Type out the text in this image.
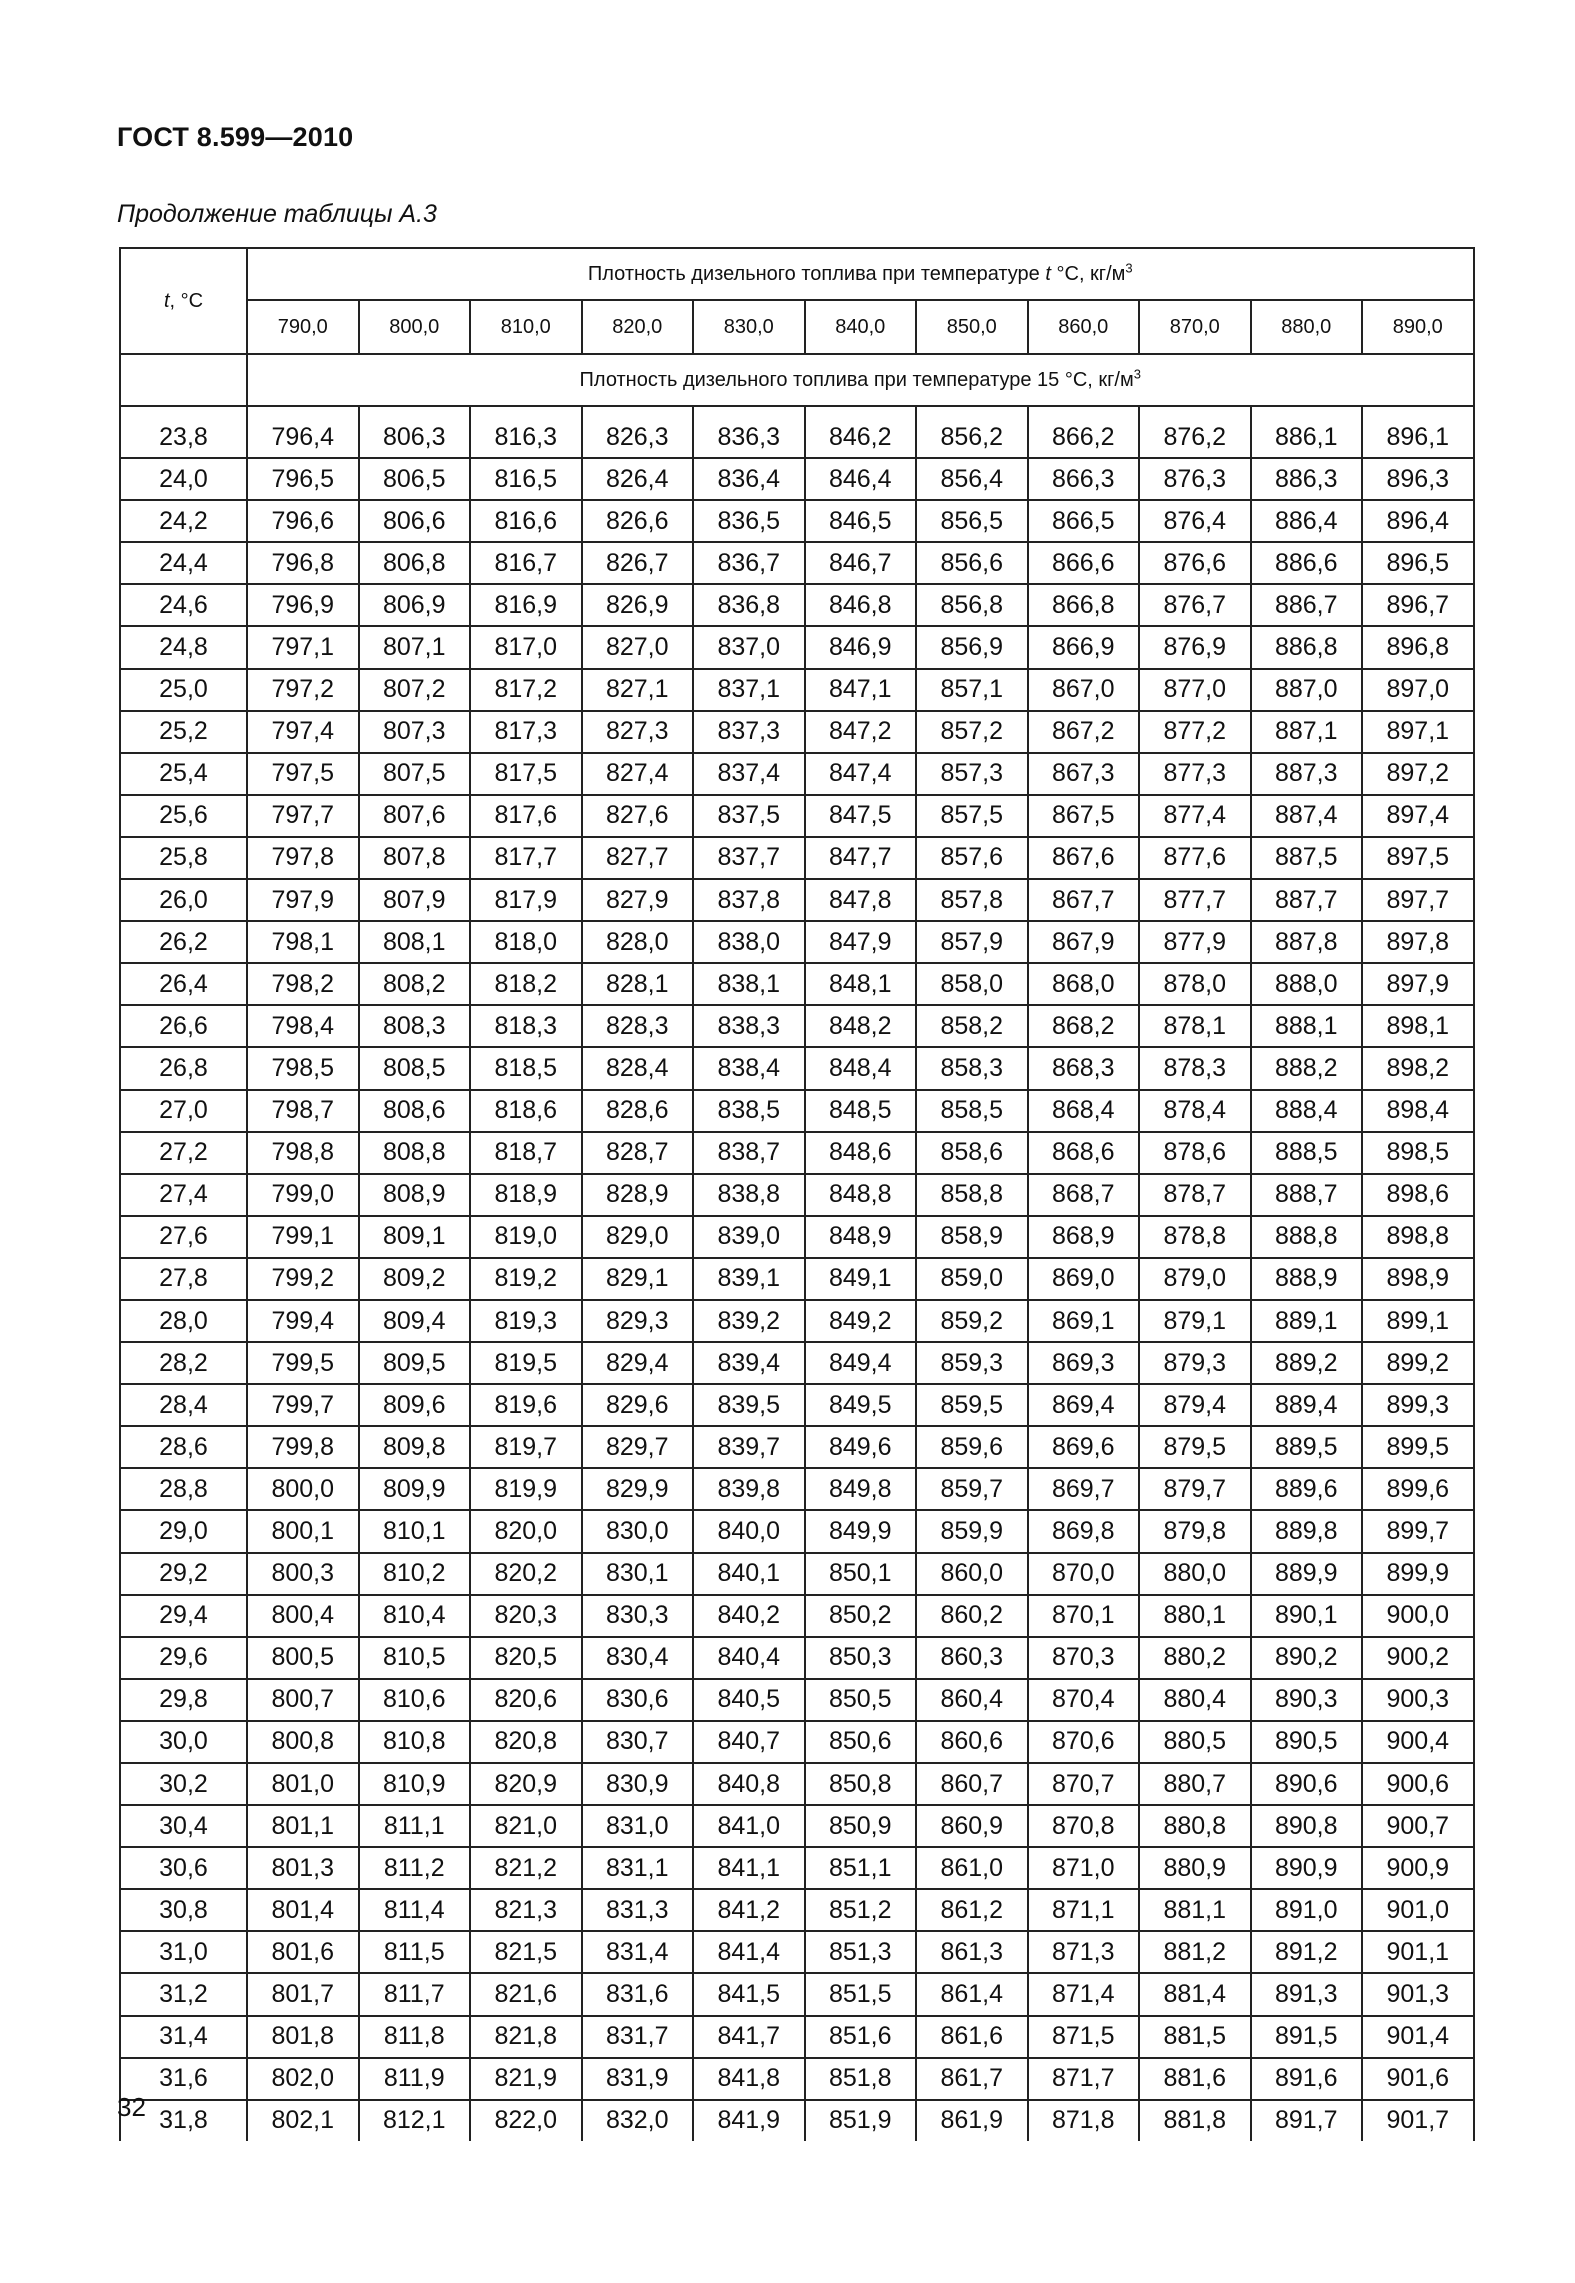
ГОСТ 8.599—2010
Продолжение таблицы А.3
t, °С	Плотность дизельного топлива при температуре t °С, $кг/м^3$
	790,0	800,0	810,0	820,0	830,0	840,0	850,0	860,0	870,0	880,0	890,0
	Плотность дизельного топлива при температуре 15 °С, $кг/м^3$

23,8	796,4	806,3	816,3	826,3	836,3	846,2	856,2	866,2	876,2	886,1	896,1
24,0	796,5	806,5	816,5	826,4	836,4	846,4	856,4	866,3	876,3	886,3	896,3
24,2	796,6	806,6	816,6	826,6	836,5	846,5	856,5	866,5	876,4	886,4	896,4
24,4	796,8	806,8	816,7	826,7	836,7	846,7	856,6	866,6	876,6	886,6	896,5
24,6	796,9	806,9	816,9	826,9	836,8	846,8	856,8	866,8	876,7	886,7	896,7
24,8	797,1	807,1	817,0	827,0	837,0	846,9	856,9	866,9	876,9	886,8	896,8
25,0	797,2	807,2	817,2	827,1	837,1	847,1	857,1	867,0	877,0	887,0	897,0
25,2	797,4	807,3	817,3	827,3	837,3	847,2	857,2	867,2	877,2	887,1	897,1
25,4	797,5	807,5	817,5	827,4	837,4	847,4	857,3	867,3	877,3	887,3	897,2
25,6	797,7	807,6	817,6	827,6	837,5	847,5	857,5	867,5	877,4	887,4	897,4
25,8	797,8	807,8	817,7	827,7	837,7	847,7	857,6	867,6	877,6	887,5	897,5
26,0	797,9	807,9	817,9	827,9	837,8	847,8	857,8	867,7	877,7	887,7	897,7
26,2	798,1	808,1	818,0	828,0	838,0	847,9	857,9	867,9	877,9	887,8	897,8
26,4	798,2	808,2	818,2	828,1	838,1	848,1	858,0	868,0	878,0	888,0	897,9
26,6	798,4	808,3	818,3	828,3	838,3	848,2	858,2	868,2	878,1	888,1	898,1
26,8	798,5	808,5	818,5	828,4	838,4	848,4	858,3	868,3	878,3	888,2	898,2
27,0	798,7	808,6	818,6	828,6	838,5	848,5	858,5	868,4	878,4	888,4	898,4
27,2	798,8	808,8	818,7	828,7	838,7	848,6	858,6	868,6	878,6	888,5	898,5
27,4	799,0	808,9	818,9	828,9	838,8	848,8	858,8	868,7	878,7	888,7	898,6
27,6	799,1	809,1	819,0	829,0	839,0	848,9	858,9	868,9	878,8	888,8	898,8
27,8	799,2	809,2	819,2	829,1	839,1	849,1	859,0	869,0	879,0	888,9	898,9
28,0	799,4	809,4	819,3	829,3	839,2	849,2	859,2	869,1	879,1	889,1	899,1
28,2	799,5	809,5	819,5	829,4	839,4	849,4	859,3	869,3	879,3	889,2	899,2
28,4	799,7	809,6	819,6	829,6	839,5	849,5	859,5	869,4	879,4	889,4	899,3
28,6	799,8	809,8	819,7	829,7	839,7	849,6	859,6	869,6	879,5	889,5	899,5
28,8	800,0	809,9	819,9	829,9	839,8	849,8	859,7	869,7	879,7	889,6	899,6
29,0	800,1	810,1	820,0	830,0	840,0	849,9	859,9	869,8	879,8	889,8	899,7
29,2	800,3	810,2	820,2	830,1	840,1	850,1	860,0	870,0	880,0	889,9	899,9
29,4	800,4	810,4	820,3	830,3	840,2	850,2	860,2	870,1	880,1	890,1	900,0
29,6	800,5	810,5	820,5	830,4	840,4	850,3	860,3	870,3	880,2	890,2	900,2
29,8	800,7	810,6	820,6	830,6	840,5	850,5	860,4	870,4	880,4	890,3	900,3
30,0	800,8	810,8	820,8	830,7	840,7	850,6	860,6	870,6	880,5	890,5	900,4
30,2	801,0	810,9	820,9	830,9	840,8	850,8	860,7	870,7	880,7	890,6	900,6
30,4	801,1	811,1	821,0	831,0	841,0	850,9	860,9	870,8	880,8	890,8	900,7
30,6	801,3	811,2	821,2	831,1	841,1	851,1	861,0	871,0	880,9	890,9	900,9
30,8	801,4	811,4	821,3	831,3	841,2	851,2	861,2	871,1	881,1	891,0	901,0
31,0	801,6	811,5	821,5	831,4	841,4	851,3	861,3	871,3	881,2	891,2	901,1
31,2	801,7	811,7	821,6	831,6	841,5	851,5	861,4	871,4	881,4	891,3	901,3
31,4	801,8	811,8	821,8	831,7	841,7	851,6	861,6	871,5	881,5	891,5	901,4
31,6	802,0	811,9	821,9	831,9	841,8	851,8	861,7	871,7	881,6	891,6	901,6
31,8	802,1	812,1	822,0	832,0	841,9	851,9	861,9	871,8	881,8	891,7	901,7
32
